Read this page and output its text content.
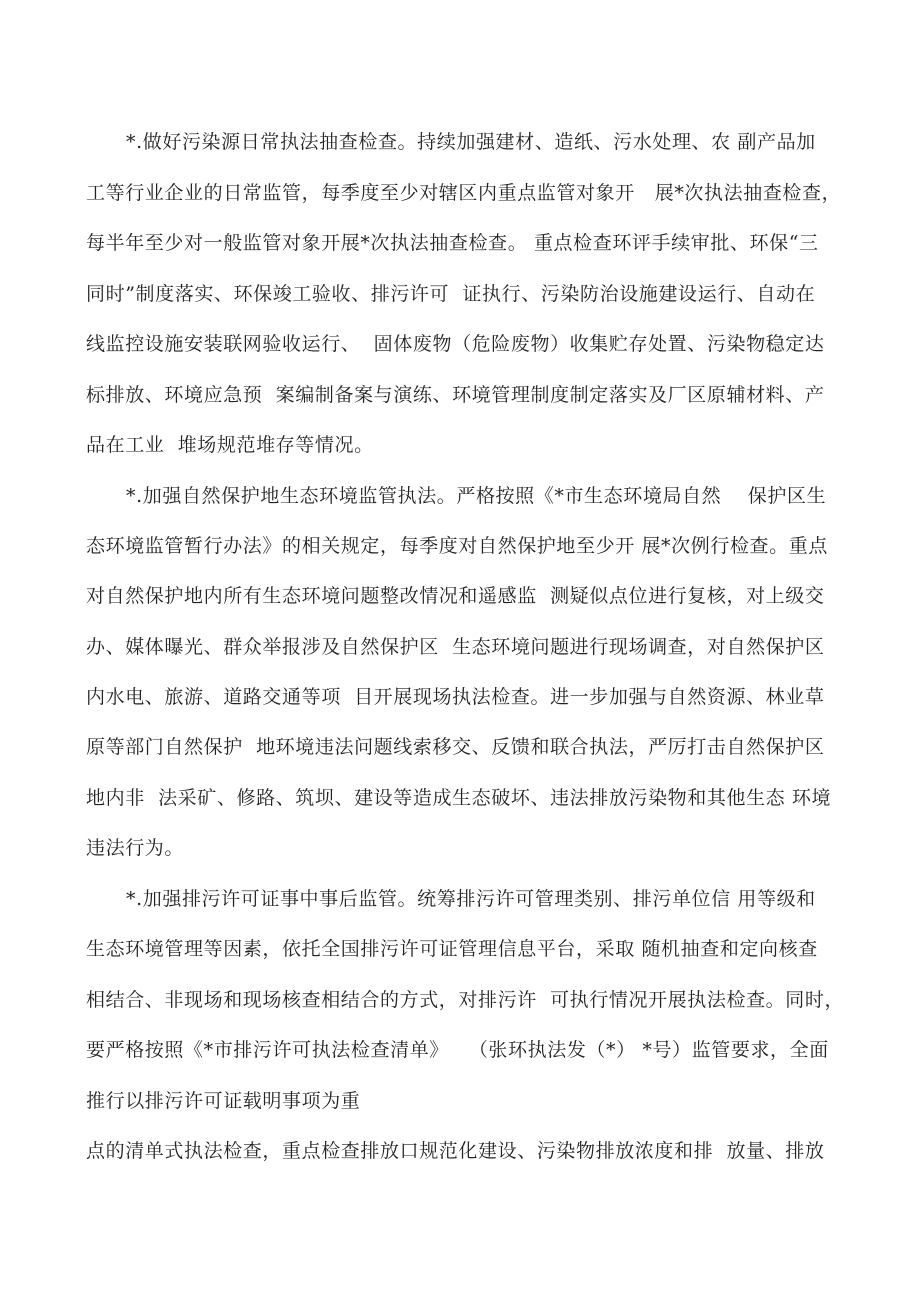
*.做好污染源日常执法抽查检查。持续加强建材、造纸、污水处理、农 副产品加
工等行业企业的日常监管，每季度至少对辖区内重点监管对象开   展*次执法抽查检查，
每半年至少对一般监管对象开展*次执法抽查检查。 重点检查环评手续审批、环保“三
同时”制度落实、环保竣工验收、排污许可  证执行、污染防治设施建设运行、自动在
线监控设施安装联网验收运行、  固体废物（危险废物）收集贮存处置、污染物稳定达
标排放、环境应急预  案编制备案与演练、环境管理制度制定落实及厂区原辅材料、产
品在工业  堆场规范堆存等情况。
*.加强自然保护地生态环境监管执法。严格按照《*市生态环境局自然    保护区生
态环境监管暂行办法》的相关规定，每季度对自然保护地至少开 展*次例行检查。重点
对自然保护地内所有生态环境问题整改情况和遥感监  测疑似点位进行复核，对上级交
办、媒体曝光、群众举报涉及自然保护区  生态环境问题进行现场调查，对自然保护区
内水电、旅游、道路交通等项  目开展现场执法检查。进一步加强与自然资源、林业草
原等部门自然保护  地环境违法问题线索移交、反馈和联合执法，严厉打击自然保护区
地内非  法采矿、修路、筑坝、建设等造成生态破坏、违法排放污染物和其他生态 环境
违法行为。
*.加强排污许可证事中事后监管。统筹排污许可管理类别、排污单位信 用等级和
生态环境管理等因素，依托全国排污许可证管理信息平台，采取 随机抽查和定向核查
相结合、非现场和现场核查相结合的方式，对排污许  可执行情况开展执法检查。同时，
要严格按照《*市排污许可执法检查清单》   （张环执法发（*） *号）监管要求，全面
推行以排污许可证载明事项为重
点的清单式执法检查，重点检查排放口规范化建设、污染物排放浓度和排  放量、排放
